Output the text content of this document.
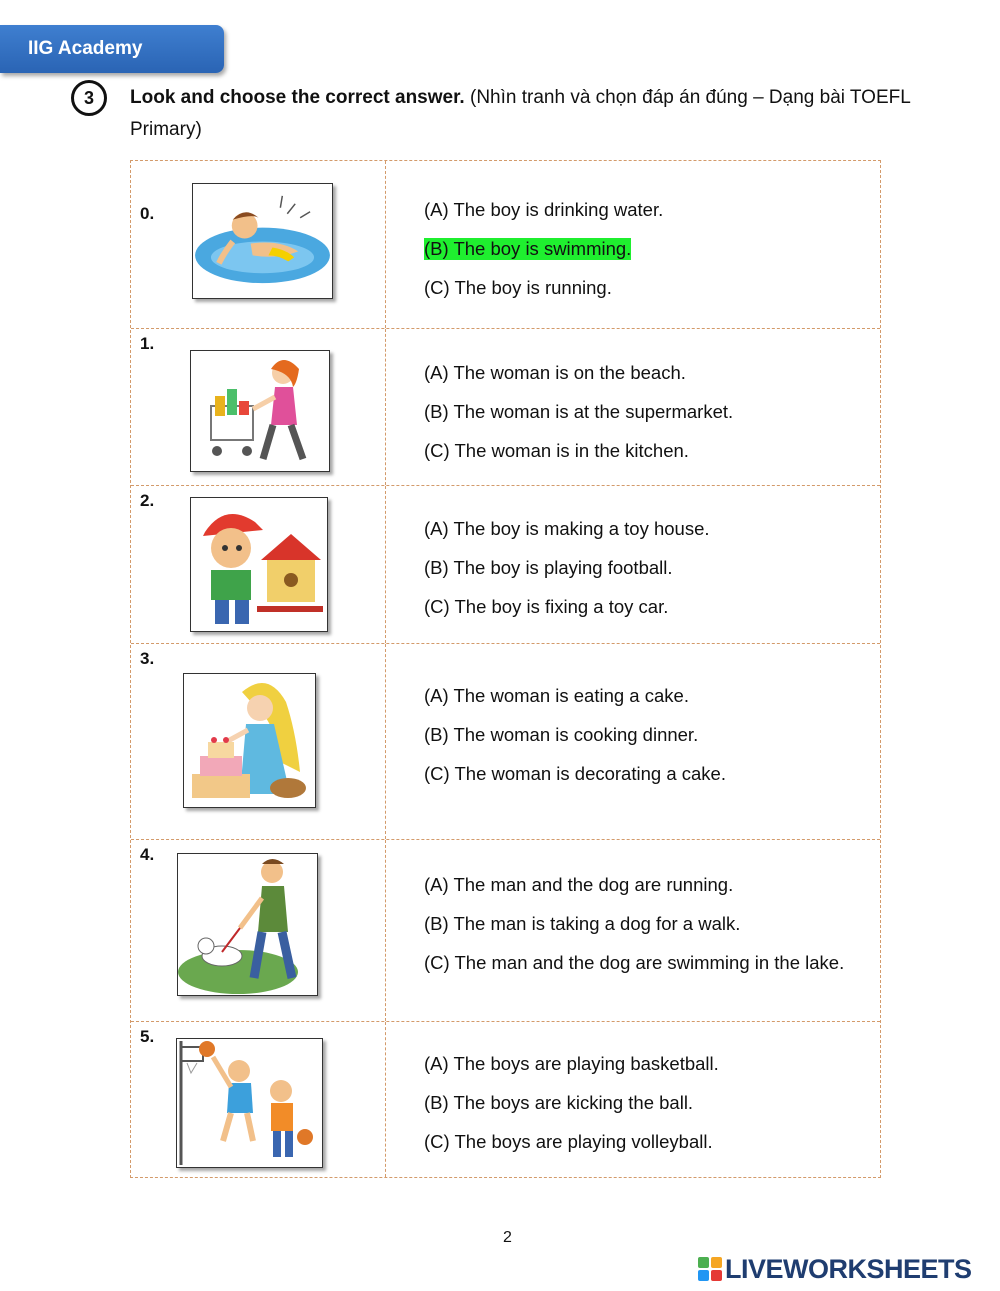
IIG Academy
3	Look and choose the correct answer. (Nhìn tranh và chọn đáp án đúng – Dạng bài TOEFL Primary)
0.	(A) The boy is drinking water.
(B) The boy is swimming.
(C) The boy is running.
1.
(A) The woman is on the beach.
(B) The woman is at the supermarket.
(C) The woman is in the kitchen.
2.
(A) The boy is making a toy house.
(B) The boy is playing football.
(C) The boy is fixing a toy car.
3.
(A) The woman is eating a cake.
(B) The woman is cooking dinner.
(C) The woman is decorating a cake.
4.
(A) The man and the dog are running.
(B) The man is taking a dog for a walk.
(C) The man and the dog are swimming in the lake.
5.
(A) The boys are playing basketball.
(B) The boys are kicking the ball.
(C) The boys are playing volleyball.
2
LIVEWORKSHEETS
